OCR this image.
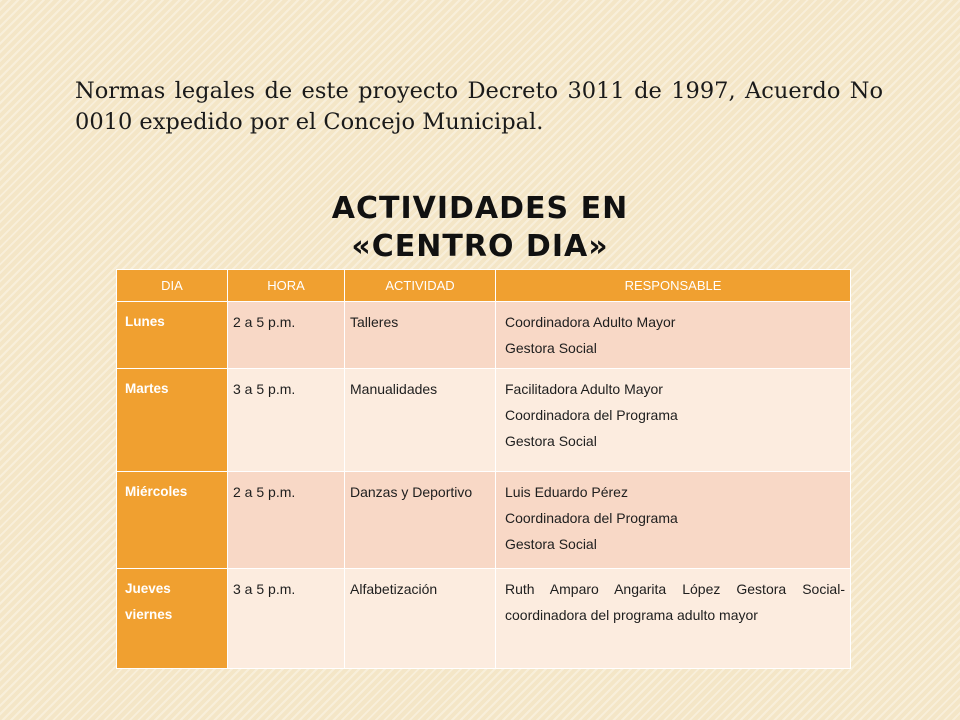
Normas legales de este proyecto Decreto 3011 de 1997, Acuerdo No 0010 expedido por el Concejo Municipal.

ACTIVIDADES EN
«CENTRO DIA»
DIA	HORA	ACTIVIDAD	RESPONSABLE

Lunes	2 a 5 p.m.	Talleres	Coordinadora Adulto Mayor
Gestora Social

Martes	3 a 5 p.m.	Manualidades	Facilitadora Adulto Mayor
Coordinadora del Programa
Gestora Social

Miércoles	2 a 5 p.m.	Danzas y Deportivo	Luis Eduardo Pérez
Coordinadora del Programa
Gestora Social

Jueves
viernes	3 a 5 p.m.	Alfabetización	Ruth Amparo Angarita López Gestora Social- coordinadora del programa adulto mayor
